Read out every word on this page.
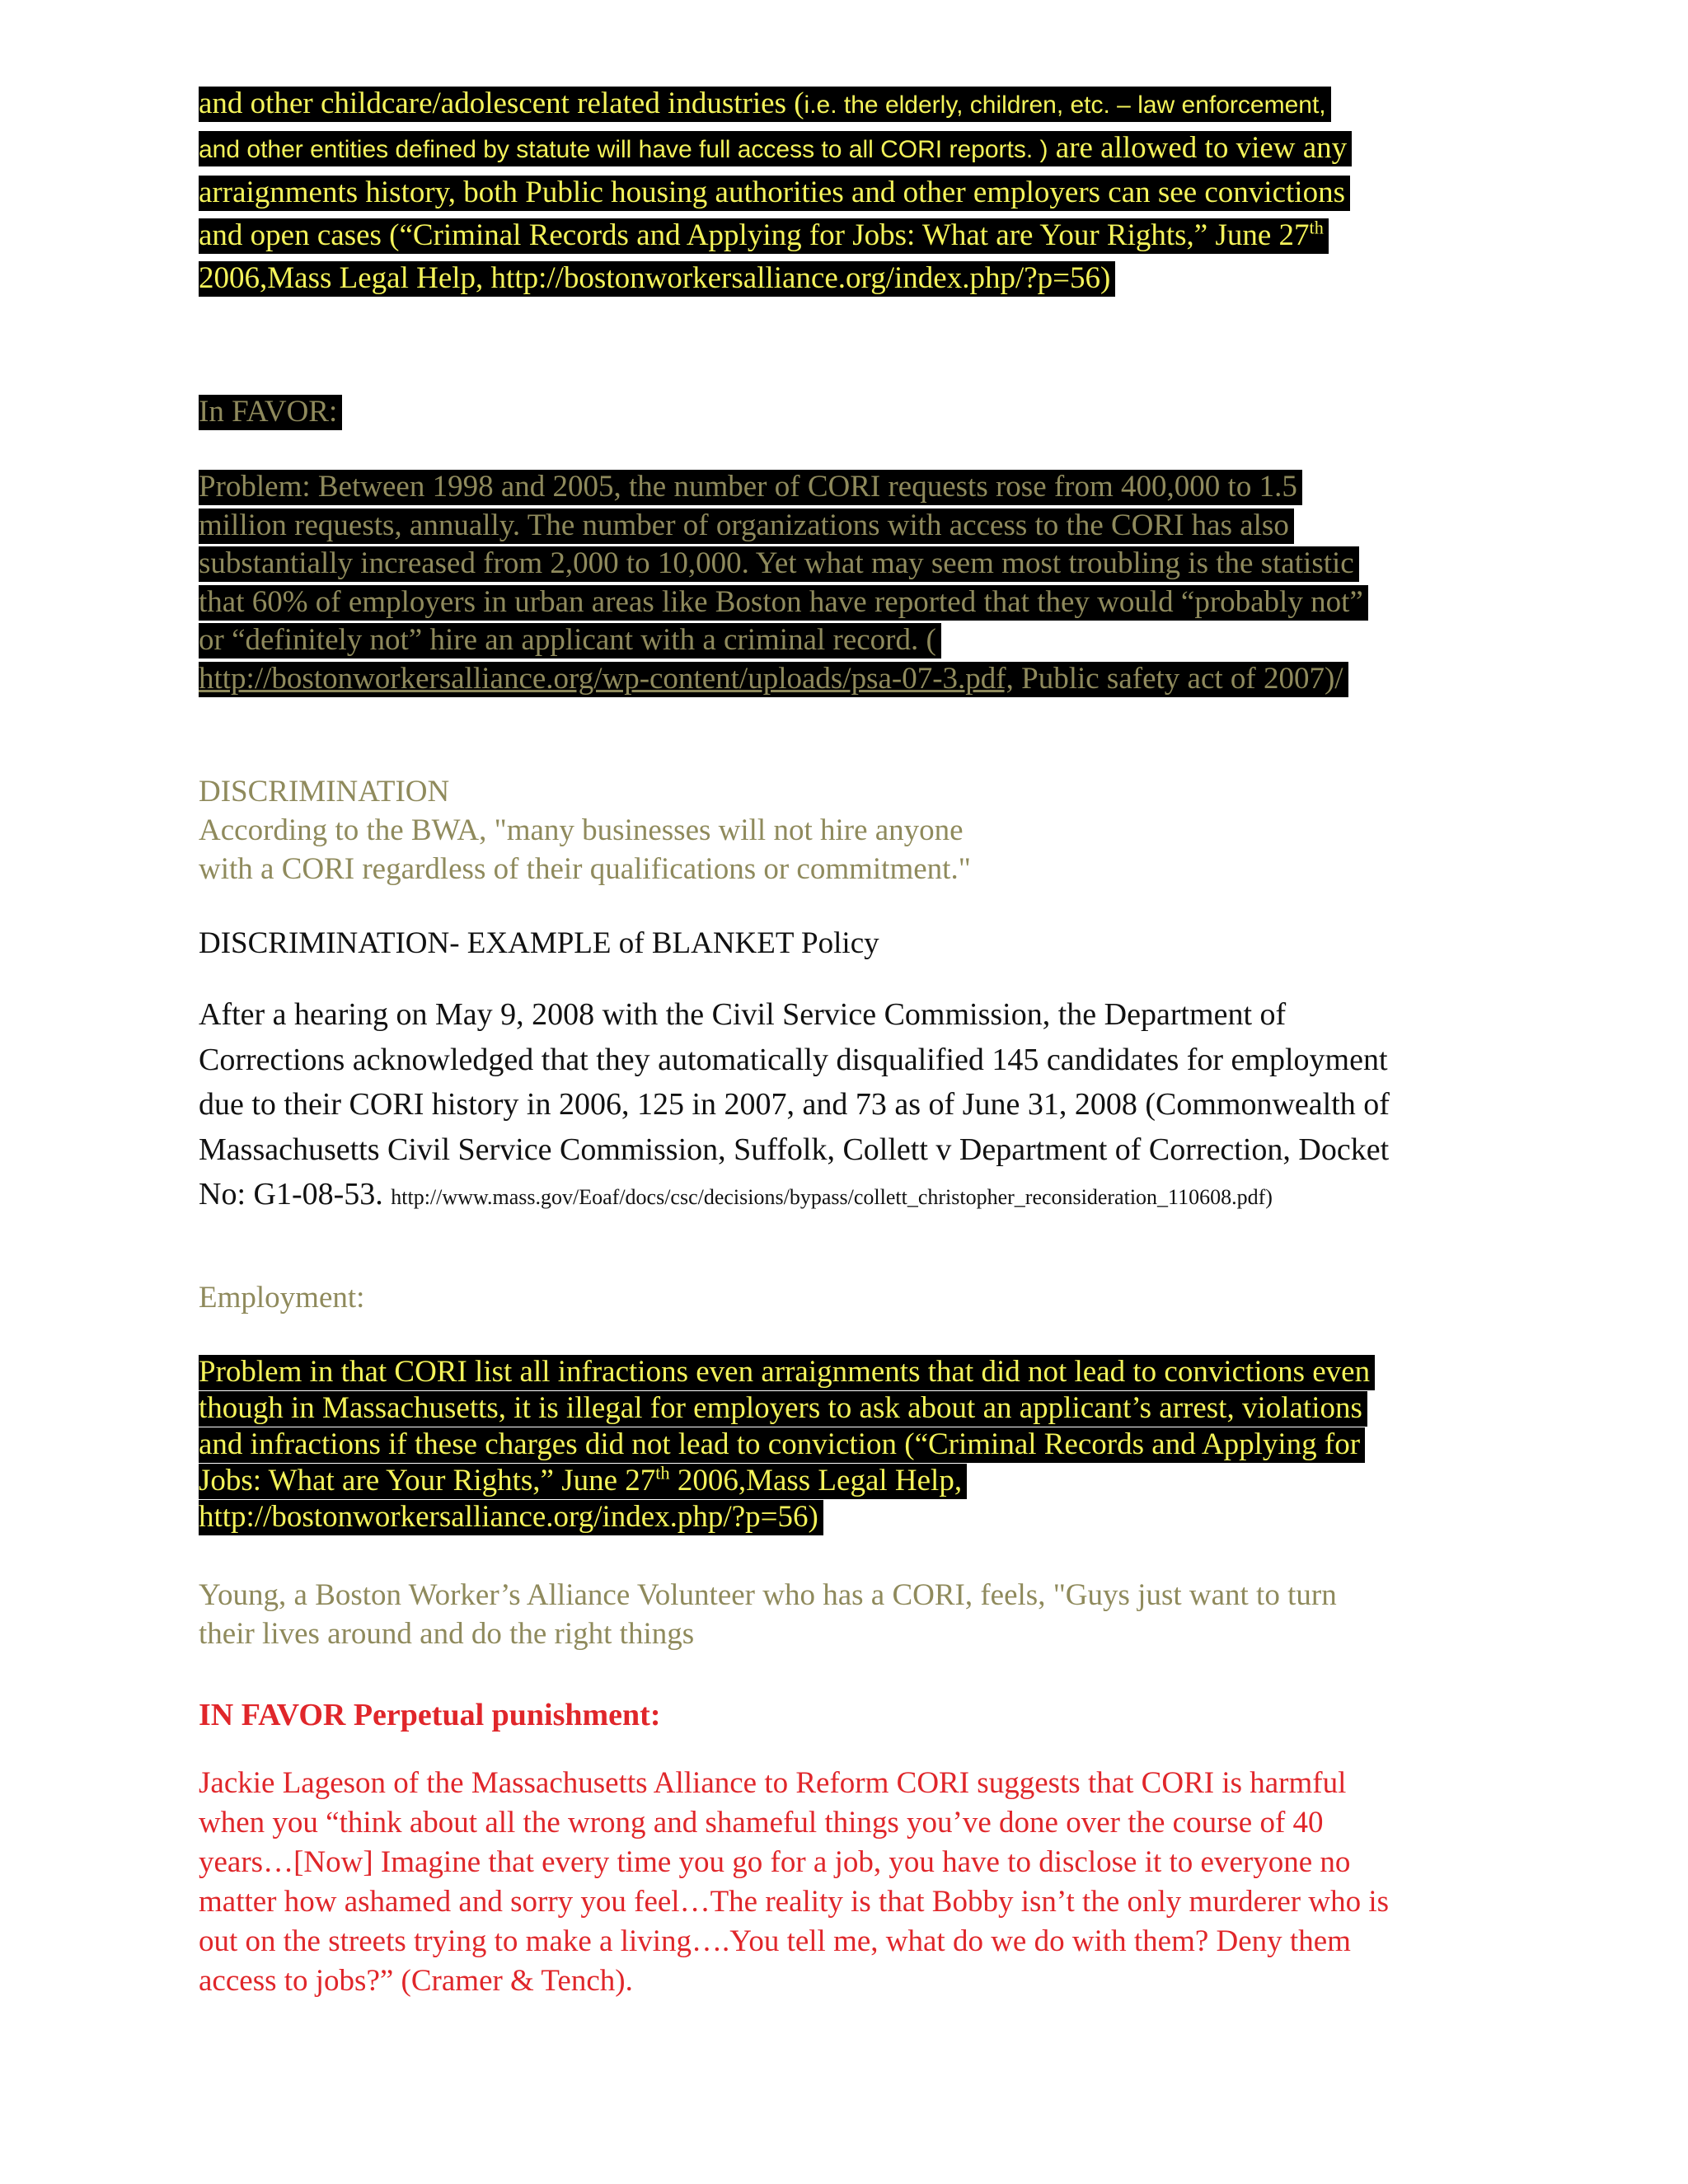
and other childcare/adolescent related industries (i.e. the elderly, children, etc. – law enforcement,
and other entities defined by statute will have full access to all CORI reports. ) are allowed to view any
arraignments history, both Public housing authorities and other employers can see convictions
and open cases (“Criminal Records and Applying for Jobs: What are Your Rights,” June 27th
2006,Mass Legal Help, http://bostonworkersalliance.org/index.php/?p=56)
In FAVOR:
Problem: Between 1998 and 2005, the number of CORI requests rose from 400,000 to 1.5
million requests, annually. The number of organizations with access to the CORI has also
substantially increased from 2,000 to 10,000. Yet what may seem most troubling is the statistic
that 60% of employers in urban areas like Boston have reported that they would “probably not”
or “definitely not” hire an applicant with a criminal record. (
http://bostonworkersalliance.org/wp-content/uploads/psa-07-3.pdf, Public safety act of 2007)/
DISCRIMINATION
According to the BWA, "many businesses will not hire anyone
with a CORI regardless of their qualifications or commitment."
DISCRIMINATION- EXAMPLE of BLANKET Policy
After a hearing on May 9, 2008 with the Civil Service Commission, the Department of
Corrections acknowledged that they automatically disqualified 145 candidates for employment
due to their CORI history in 2006, 125 in 2007, and 73 as of June 31, 2008 (Commonwealth of
Massachusetts Civil Service Commission, Suffolk, Collett v Department of Correction, Docket
No: G1-08-53. http://www.mass.gov/Eoaf/docs/csc/decisions/bypass/collett_christopher_reconsideration_110608.pdf)
Employment:
Problem in that CORI list all infractions even arraignments that did not lead to convictions even
though in Massachusetts, it is illegal for employers to ask about an applicant’s arrest, violations
and infractions if these charges did not lead to conviction (“Criminal Records and Applying for
Jobs: What are Your Rights,” June 27th 2006,Mass Legal Help,
http://bostonworkersalliance.org/index.php/?p=56)
Young, a Boston Worker’s Alliance Volunteer who has a CORI, feels, "Guys just want to turn
their lives around and do the right things
IN FAVOR Perpetual punishment:
Jackie Lageson of the Massachusetts Alliance to Reform CORI suggests that CORI is harmful
when you “think about all the wrong and shameful things you’ve done over the course of 40
years…[Now] Imagine that every time you go for a job, you have to disclose it to everyone no
matter how ashamed and sorry you feel…The reality is that Bobby isn’t the only murderer who is
out on the streets trying to make a living….You tell me, what do we do with them? Deny them
access to jobs?” (Cramer & Tench).
